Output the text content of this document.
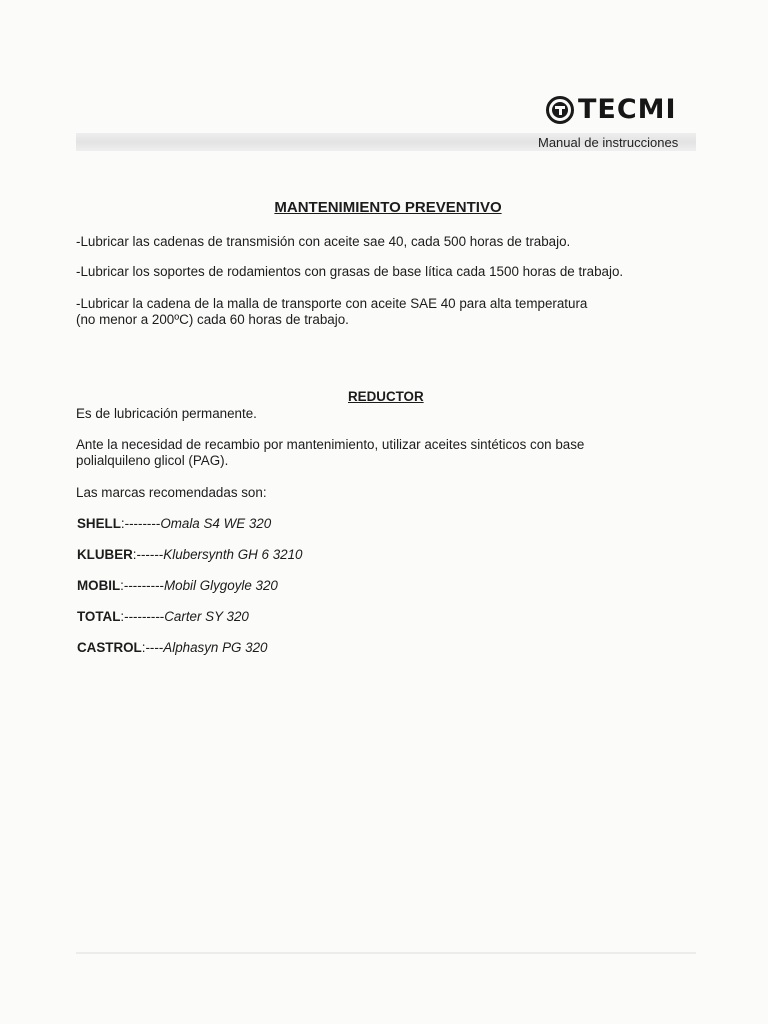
TECMI
Manual de instrucciones
MANTENIMIENTO PREVENTIVO
-Lubricar las cadenas de transmisión con aceite sae 40, cada 500 horas de trabajo.
-Lubricar los soportes de rodamientos con grasas de base lítica cada 1500 horas de trabajo.
-Lubricar la cadena de la malla de transporte con aceite SAE 40 para alta temperatura
(no menor a 200ºC) cada 60 horas de trabajo.
REDUCTOR
Es de lubricación permanente.
Ante la necesidad de recambio por mantenimiento, utilizar aceites sintéticos con base
polialquileno glicol (PAG).
Las marcas recomendadas son:
SHELL:--------Omala S4 WE 320
KLUBER:------Klubersynth GH 6 3210
MOBIL:---------Mobil Glygoyle 320
TOTAL:---------Carter SY 320
CASTROL:----Alphasyn PG 320
